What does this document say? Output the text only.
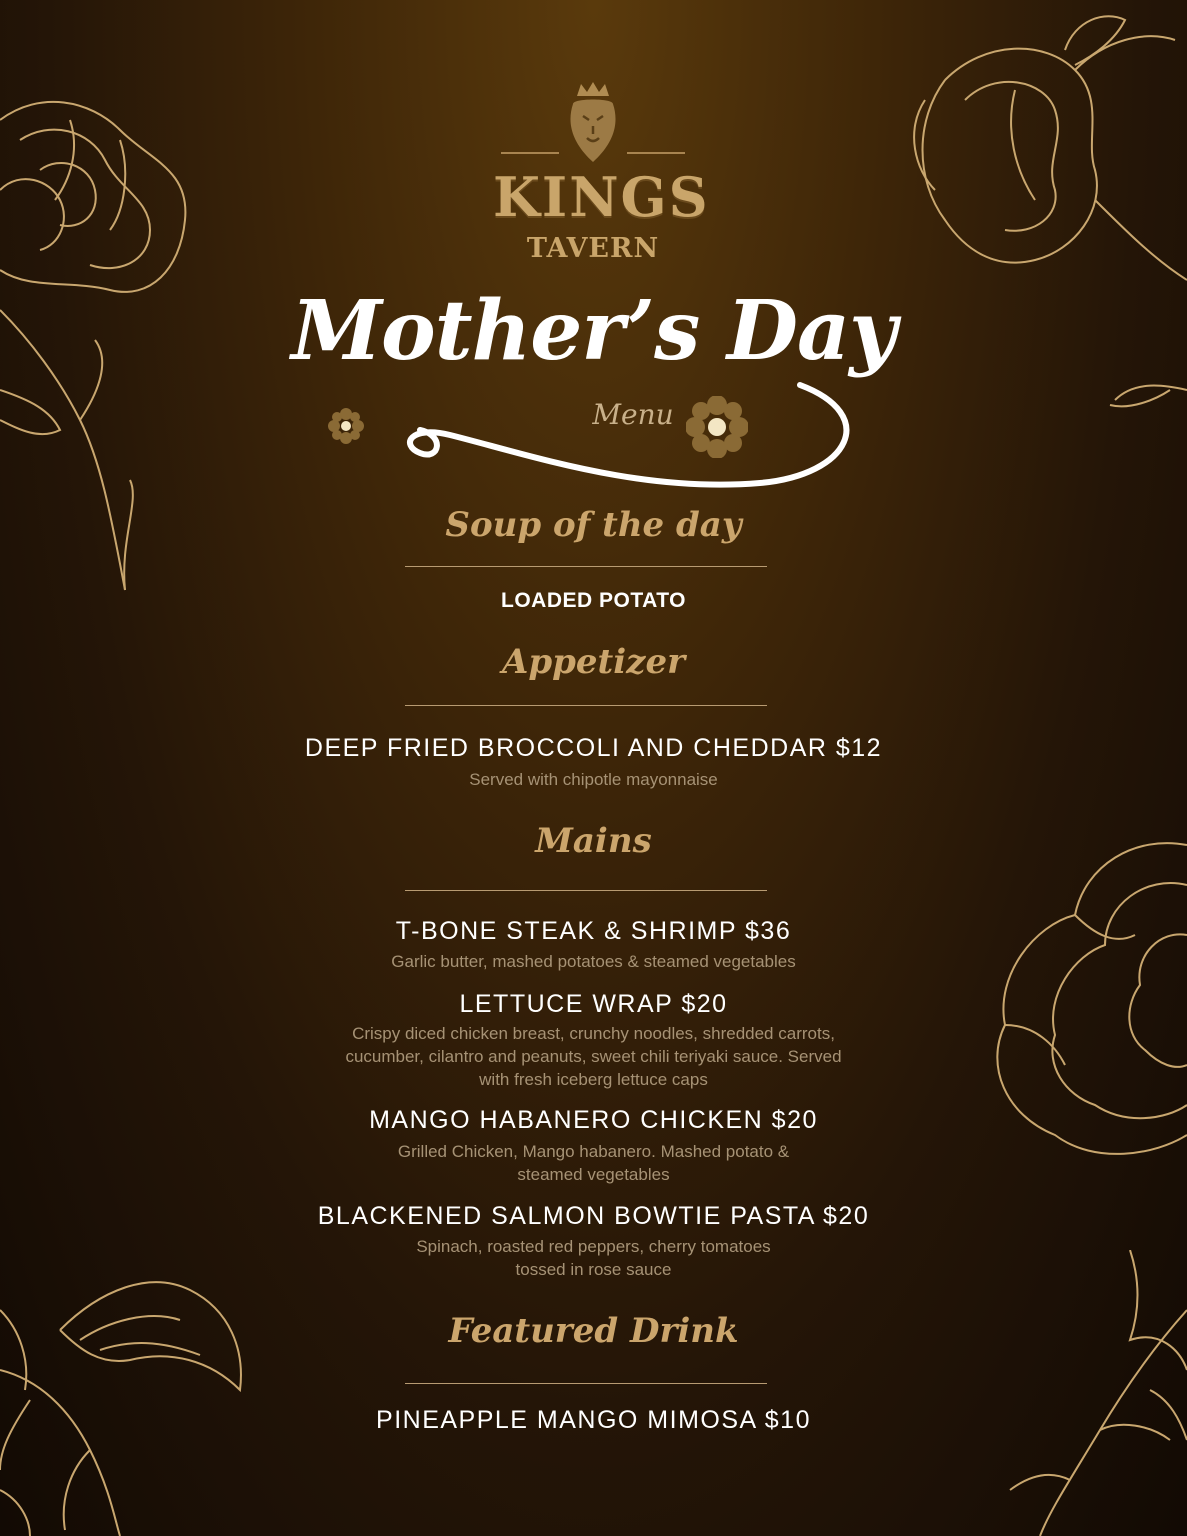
KINGS
TAVERN
Mother’s Day
Menu
Soup of the day
LOADED POTATO
Appetizer
DEEP FRIED BROCCOLI AND CHEDDAR $12
Served with chipotle mayonnaise
Mains
T-BONE STEAK & SHRIMP $36
Garlic butter, mashed potatoes & steamed vegetables
LETTUCE WRAP $20
Crispy diced chicken breast, crunchy noodles, shredded carrots,
cucumber, cilantro and peanuts, sweet chili teriyaki sauce. Served
with fresh iceberg lettuce caps
MANGO HABANERO CHICKEN $20
Grilled Chicken, Mango habanero. Mashed potato &
steamed vegetables
BLACKENED SALMON BOWTIE PASTA $20
Spinach, roasted red peppers, cherry tomatoes
tossed in rose sauce
Featured Drink
PINEAPPLE MANGO MIMOSA $10
